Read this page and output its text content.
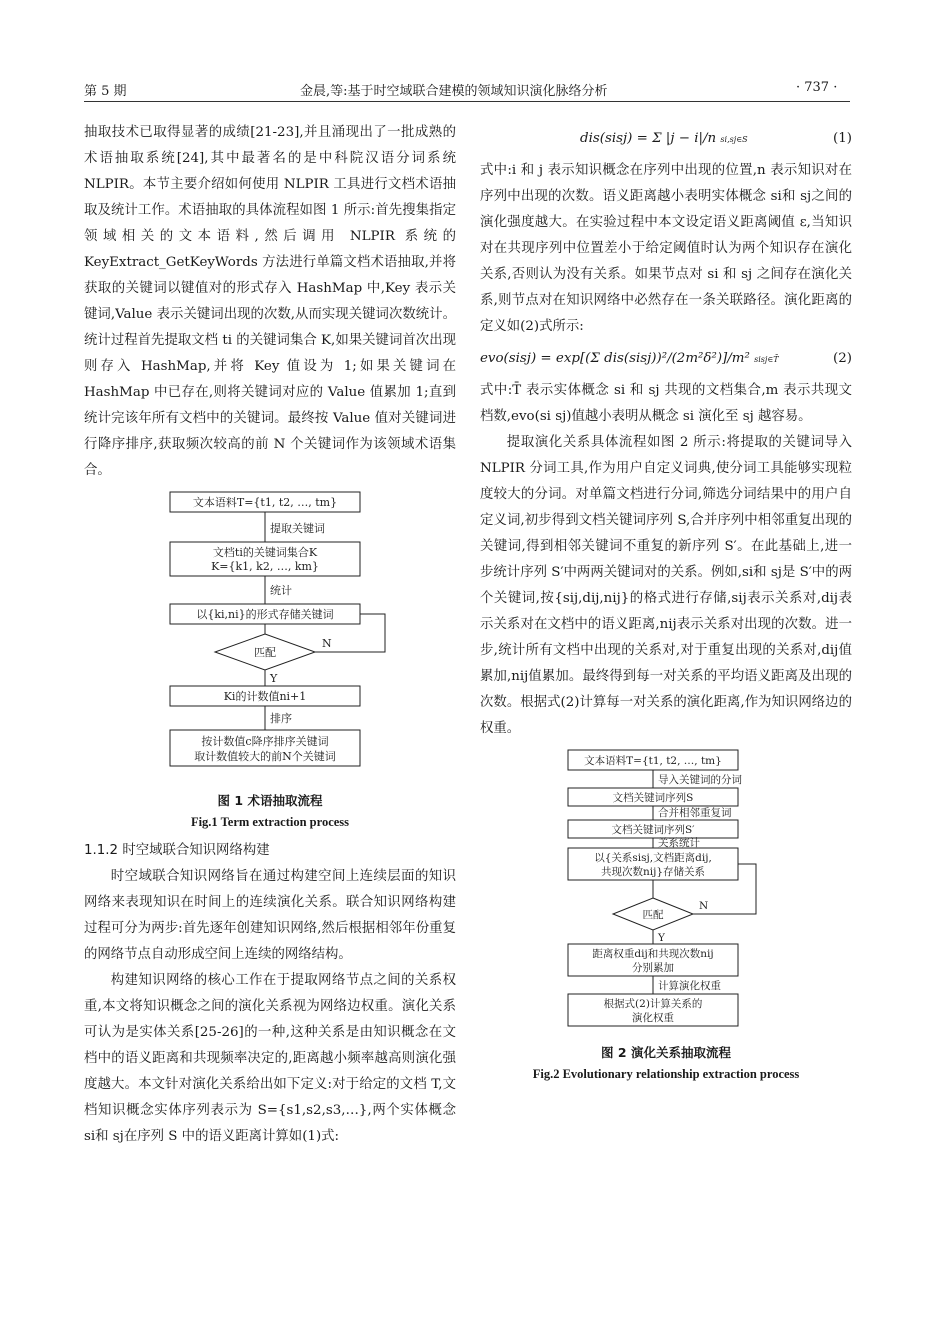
第 5 期	金晨,等:基于时空域联合建模的领域知识演化脉络分析	· 737 ·

抽取技术已取得显著的成绩[21-23],并且涌现出了一批成熟的术语抽取系统[24],其中最著名的是中科院汉语分词系统 NLPIR。本节主要介绍如何使用 NLPIR 工具进行文档术语抽取及统计工作。术语抽取的具体流程如图 1 所示:首先搜集指定领域相关的文本语料,然后调用 NLPIR 系统的 KeyExtract_GetKeyWords 方法进行单篇文档术语抽取,并将获取的关键词以键值对的形式存入 HashMap 中,Key 表示关键词,Value 表示关键词出现的次数,从而实现关键词次数统计。统计过程首先提取文档 ti 的关键词集合 K,如果关键词首次出现则存入 HashMap,并将 Key 值设为 1;如果关键词在 HashMap 中已存在,则将关键词对应的 Value 值累加 1;直到统计完该年所有文档中的关键词。最终按 Value 值对关键词进行降序排序,获取频次较高的前 N 个关键词作为该领域术语集合。

文本语料T={t1, t2, …, tm}
提取关键词
文档ti的关键词集合K
K={k1, k2, …, km}
统计
以{ki,ni}的形式存储关键词
匹配
N
Y
Ki的计数值ni+1
排序
按计数值c降序排序关键词
取计数值较大的前N个关键词
图 1 术语抽取流程
Fig.1 Term extraction process
1.1.2 时空域联合知识网络构建

时空域联合知识网络旨在通过构建空间上连续层面的知识网络来表现知识在时间上的连续演化关系。联合知识网络构建过程可分为两步:首先逐年创建知识网络,然后根据相邻年份重复的网络节点自动形成空间上连续的网络结构。

构建知识网络的核心工作在于提取网络节点之间的关系权重,本文将知识概念之间的演化关系视为网络边权重。演化关系可认为是实体关系[25-26]的一种,这种关系是由知识概念在文档中的语义距离和共现频率决定的,距离越小频率越高则演化强度越大。本文针对演化关系给出如下定义:对于给定的文档 T,文档知识概念实体序列表示为 S={s1,s2,s3,…},两个实体概念 si和 sj在序列 S 中的语义距离计算如(1)式:

dis(sisj) = Σ |j − i|/n si,sj∈S	(1)

式中:i 和 j 表示知识概念在序列中出现的位置,n 表示知识对在序列中出现的次数。语义距离越小表明实体概念 si和 sj之间的演化强度越大。在实验过程中本文设定语义距离阈值 ε,当知识对在共现序列中位置差小于给定阈值时认为两个知识存在演化关系,否则认为没有关系。如果节点对 si 和 sj 之间存在演化关系,则节点对在知识网络中必然存在一条关联路径。演化距离的定义如(2)式所示:

evo(sisj) = exp[(Σ dis(sisj))²/(2m²δ²)]/m² sisj∈T̄	(2)

式中:T̄ 表示实体概念 si 和 sj 共现的文档集合,m 表示共现文档数,evo(si sj)值越小表明从概念 si 演化至 sj 越容易。

提取演化关系具体流程如图 2 所示:将提取的关键词导入 NLPIR 分词工具,作为用户自定义词典,使分词工具能够实现粒度较大的分词。对单篇文档进行分词,筛选分词结果中的用户自定义词,初步得到文档关键词序列 S,合并序列中相邻重复出现的关键词,得到相邻关键词不重复的新序列 S′。在此基础上,进一步统计序列 S′中两两关键词对的关系。例如,si和 sj是 S′中的两个关键词,按{sij,dij,nij}的格式进行存储,sij表示关系对,dij表示关系对在文档中的语义距离,nij表示关系对出现的次数。进一步,统计所有文档中出现的关系对,对于重复出现的关系对,dij值累加,nij值累加。最终得到每一对关系的平均语义距离及出现的次数。根据式(2)计算每一对关系的演化距离,作为知识网络边的权重。

文本语料T={t1, t2, …, tm}
导入关键词的分词
文档关键词序列S
合并相邻重复词
文档关键词序列S′
关系统计
以{关系sisj,文档距离dij,
共现次数nij}存储关系
匹配
N
Y
距离权重dij和共现次数nij
分别累加
计算演化权重
根据式(2)计算关系的
演化权重
图 2 演化关系抽取流程
Fig.2 Evolutionary relationship extraction process
